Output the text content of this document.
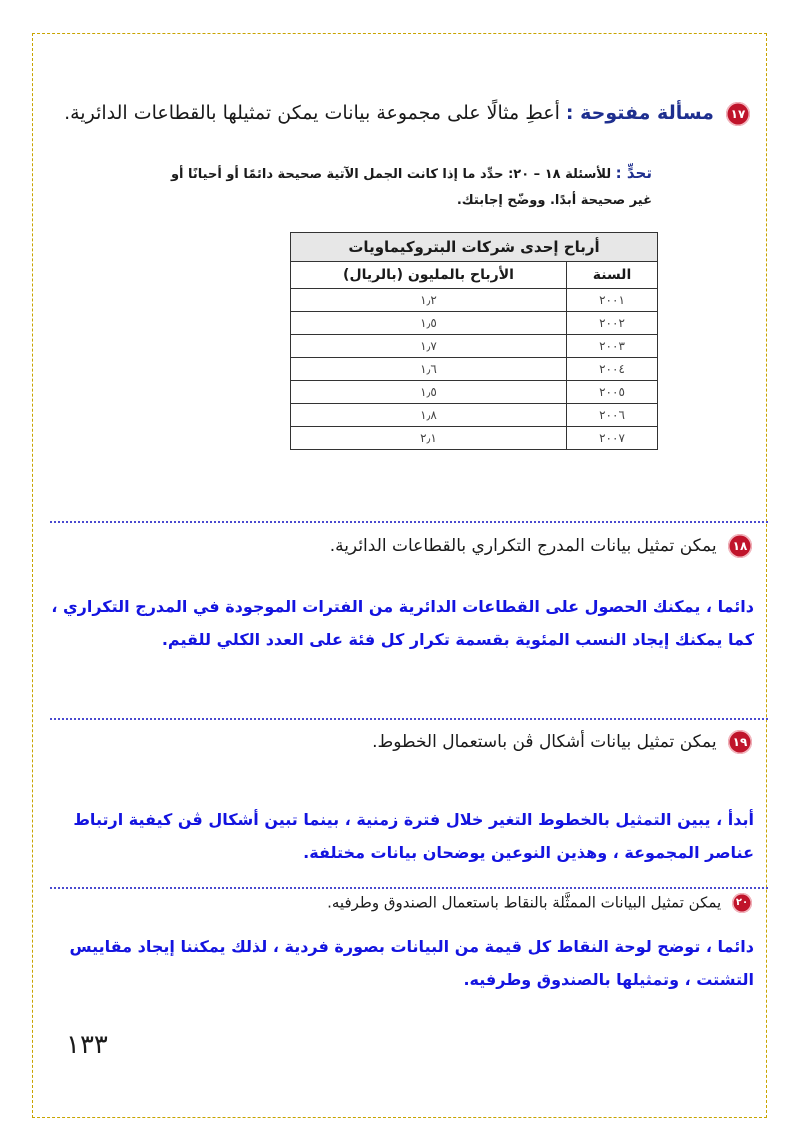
١٧ مسألة مفتوحة : أعطِ مثالًا على مجموعة بيانات يمكن تمثيلها بالقطاعات الدائرية.
تحدٍّ : للأسئلة ١٨ – ٢٠: حدِّد ما إذا كانت الجمل الآتية صحيحة دائمًا أو أحيانًا أو غير صحيحة أبدًا. ووضّح إجابتك.
أرباح إحدى شركات البتروكيماويات	
السنة	الأرباح بالمليون (بالريال)
٢٠٠١	١٫٢
٢٠٠٢	١٫٥
٢٠٠٣	١٫٧
٢٠٠٤	١٫٦
٢٠٠٥	١٫٥
٢٠٠٦	١٫٨
٢٠٠٧	٢٫١
١٨ يمكن تمثيل بيانات المدرج التكراري بالقطاعات الدائرية.
دائما ، يمكنك الحصول على القطاعات الدائرية من الفترات الموجودة في المدرج التكراري ، كما يمكنك إيجاد النسب المئوية بقسمة تكرار كل فئة على العدد الكلي للقيم.
١٩ يمكن تمثيل بيانات أشكال ڤن باستعمال الخطوط.
أبدأ ، يبين التمثيل بالخطوط التغير خلال فترة زمنية ، بينما تبين أشكال ڤن كيفية ارتباط عناصر المجموعة ، وهذين النوعين يوضحان بيانات مختلفة.
٢٠ يمكن تمثيل البيانات الممثَّلة بالنقاط باستعمال الصندوق وطرفيه.
دائما ، توضح لوحة النقاط كل قيمة من البيانات بصورة فردية ، لذلك يمكننا إيجاد مقاييس التشتت ، وتمثيلها بالصندوق وطرفيه.
١٣٣
